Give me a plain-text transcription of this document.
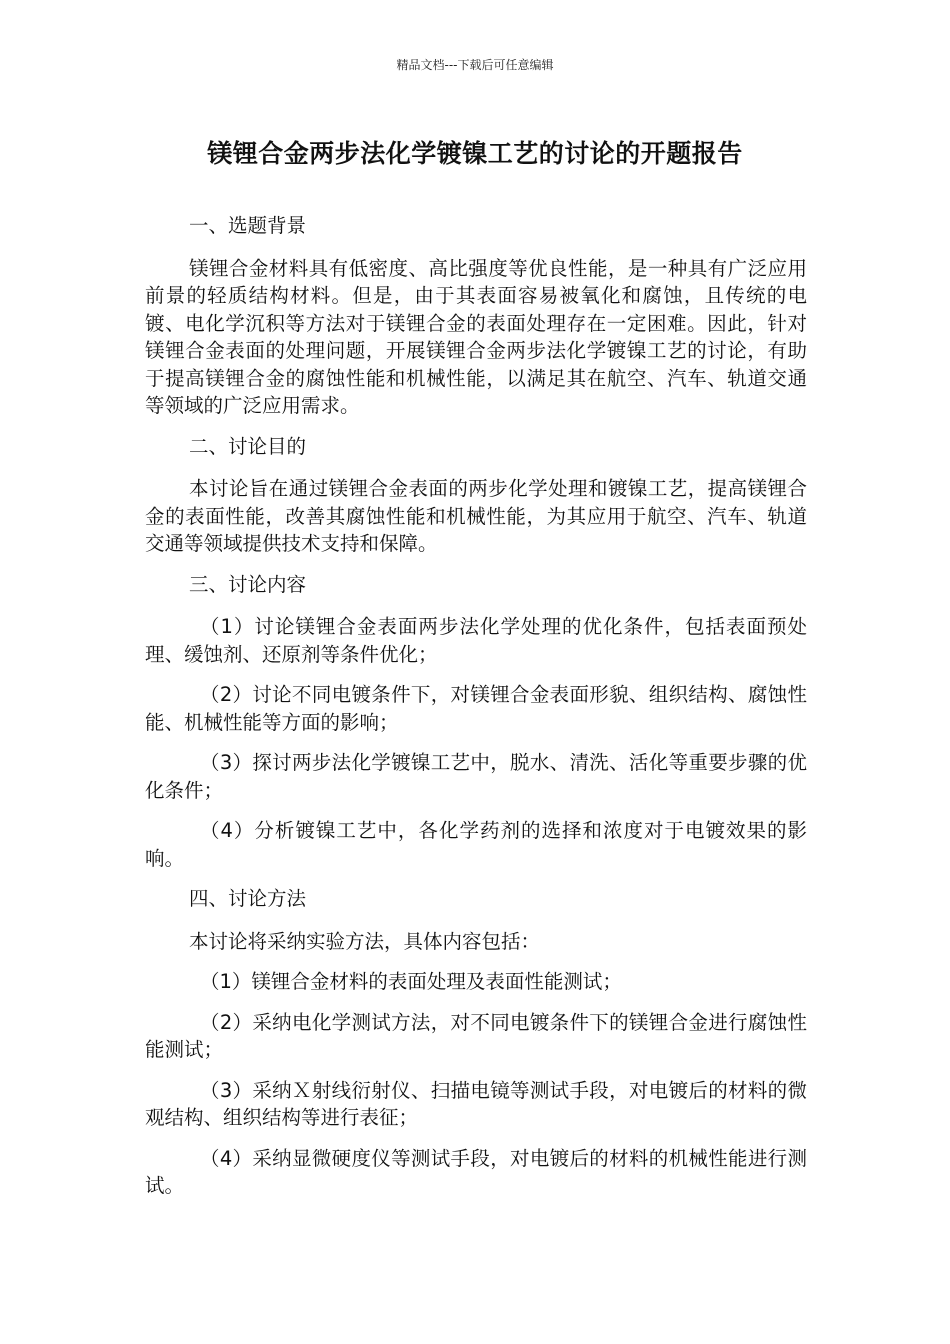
精品文档---下载后可任意编辑
镁锂合金两步法化学镀镍工艺的讨论的开题报告

一、选题背景

镁锂合金材料具有低密度、高比强度等优良性能，是一种具有广泛应用前景的轻质结构材料。但是，由于其表面容易被氧化和腐蚀，且传统的电镀、电化学沉积等方法对于镁锂合金的表面处理存在一定困难。因此，针对镁锂合金表面的处理问题，开展镁锂合金两步法化学镀镍工艺的讨论，有助于提高镁锂合金的腐蚀性能和机械性能，以满足其在航空、汽车、轨道交通等领域的广泛应用需求。

二、讨论目的

本讨论旨在通过镁锂合金表面的两步化学处理和镀镍工艺，提高镁锂合金的表面性能，改善其腐蚀性能和机械性能，为其应用于航空、汽车、轨道交通等领域提供技术支持和保障。

三、讨论内容

（1）讨论镁锂合金表面两步法化学处理的优化条件，包括表面预处理、缓蚀剂、还原剂等条件优化；

（2）讨论不同电镀条件下，对镁锂合金表面形貌、组织结构、腐蚀性能、机械性能等方面的影响；

（3）探讨两步法化学镀镍工艺中，脱水、清洗、活化等重要步骤的优化条件；

（4）分析镀镍工艺中，各化学药剂的选择和浓度对于电镀效果的影响。

四、讨论方法

本讨论将采纳实验方法，具体内容包括：

（1）镁锂合金材料的表面处理及表面性能测试；

（2）采纳电化学测试方法，对不同电镀条件下的镁锂合金进行腐蚀性能测试；

（3）采纳Ｘ射线衍射仪、扫描电镜等测试手段，对电镀后的材料的微观结构、组织结构等进行表征；

（4）采纳显微硬度仪等测试手段，对电镀后的材料的机械性能进行测试。
